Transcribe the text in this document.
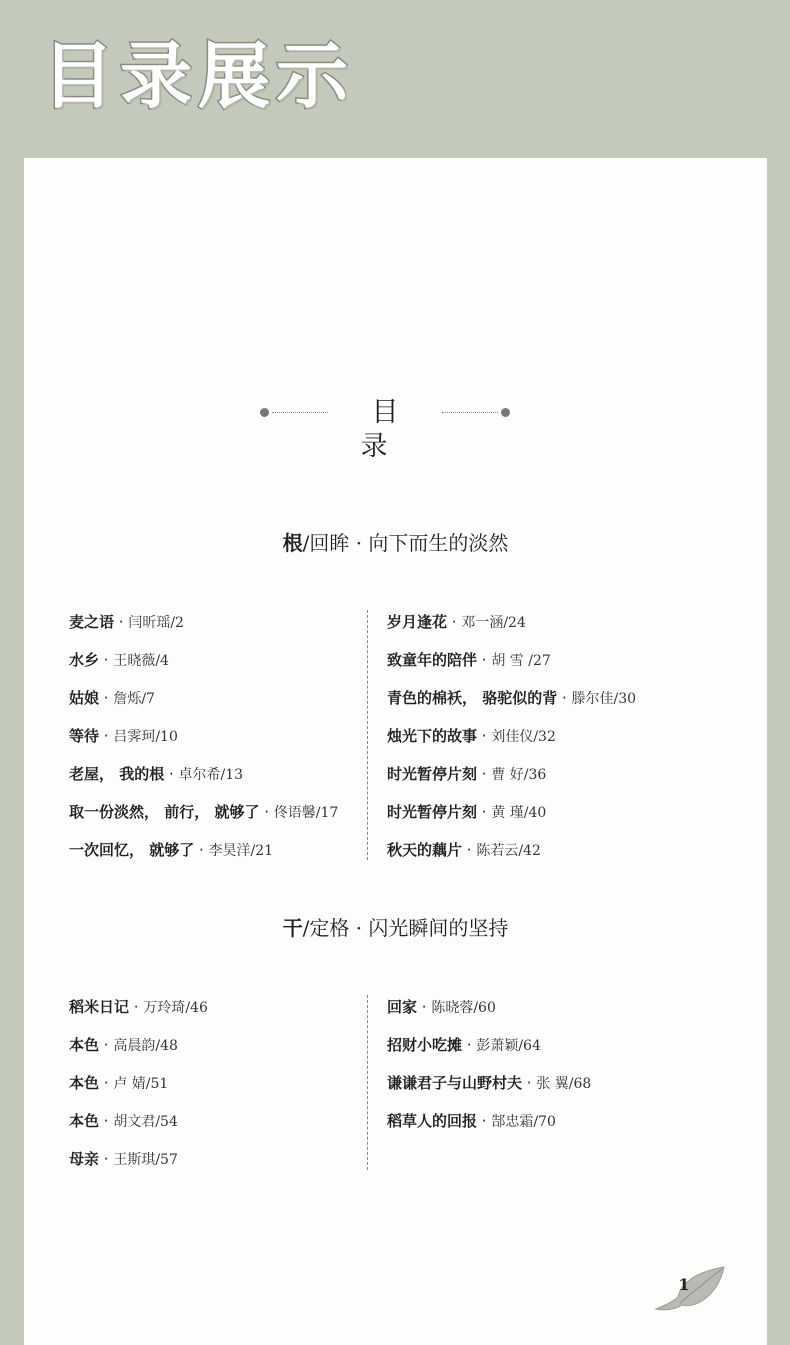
目录展示
目录
根/回眸 · 向下而生的淡然
麦之语 · 闫昕瑶/2
水乡 · 王晓薇/4
姑娘 · 詹烁/7
等待 · 吕霁珂/10
老屋， 我的根 · 卓尔希/13
取一份淡然， 前行， 就够了 · 佟语馨/17
一次回忆， 就够了 · 李昊洋/21
岁月逢花 · 邓一涵/24
致童年的陪伴 · 胡 雪 /27
青色的棉袄， 骆驼似的背 · 滕尔佳/30
烛光下的故事 · 刘佳仪/32
时光暂停片刻 · 曹 好/36
时光暂停片刻 · 黄 瑾/40
秋天的藕片 · 陈若云/42
干/定格 · 闪光瞬间的坚持
稻米日记 · 万玲琦/46
本色 · 高晨韵/48
本色 · 卢 婧/51
本色 · 胡文君/54
母亲 · 王斯琪/57
回家 · 陈晓蓉/60
招财小吃摊 · 彭萧颖/64
谦谦君子与山野村夫 · 张 翼/68
稻草人的回报 · 郜忠霜/70
1
